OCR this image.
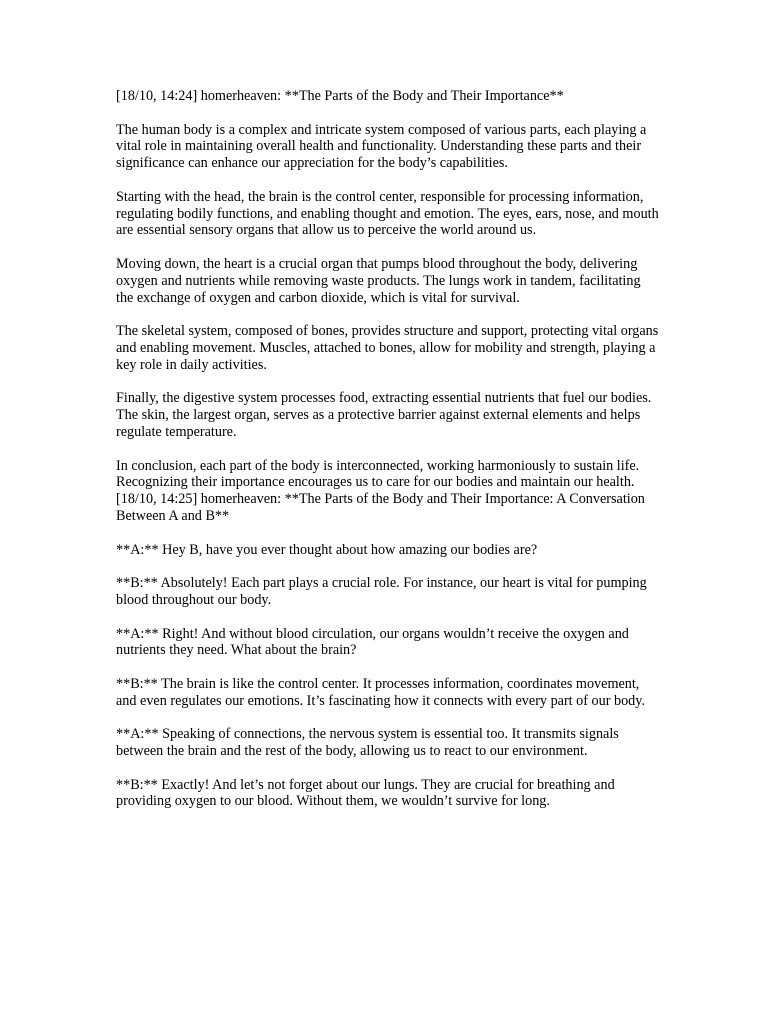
[18/10, 14:24] homerheaven: **The Parts of the Body and Their Importance**
The human body is a complex and intricate system composed of various parts, each playing a vital role in maintaining overall health and functionality. Understanding these parts and their significance can enhance our appreciation for the body’s capabilities.
Starting with the head, the brain is the control center, responsible for processing information, regulating bodily functions, and enabling thought and emotion. The eyes, ears, nose, and mouth are essential sensory organs that allow us to perceive the world around us.
Moving down, the heart is a crucial organ that pumps blood throughout the body, delivering oxygen and nutrients while removing waste products. The lungs work in tandem, facilitating the exchange of oxygen and carbon dioxide, which is vital for survival.
The skeletal system, composed of bones, provides structure and support, protecting vital organs and enabling movement. Muscles, attached to bones, allow for mobility and strength, playing a key role in daily activities.
Finally, the digestive system processes food, extracting essential nutrients that fuel our bodies. The skin, the largest organ, serves as a protective barrier against external elements and helps regulate temperature.
In conclusion, each part of the body is interconnected, working harmoniously to sustain life. Recognizing their importance encourages us to care for our bodies and maintain our health.
[18/10, 14:25] homerheaven: **The Parts of the Body and Their Importance: A Conversation Between A and B**
**A:** Hey B, have you ever thought about how amazing our bodies are?
**B:** Absolutely! Each part plays a crucial role. For instance, our heart is vital for pumping blood throughout our body.
**A:** Right! And without blood circulation, our organs wouldn’t receive the oxygen and nutrients they need. What about the brain?
**B:** The brain is like the control center. It processes information, coordinates movement, and even regulates our emotions. It’s fascinating how it connects with every part of our body.
**A:** Speaking of connections, the nervous system is essential too. It transmits signals between the brain and the rest of the body, allowing us to react to our environment.
**B:** Exactly! And let’s not forget about our lungs. They are crucial for breathing and providing oxygen to our blood. Without them, we wouldn’t survive for long.
